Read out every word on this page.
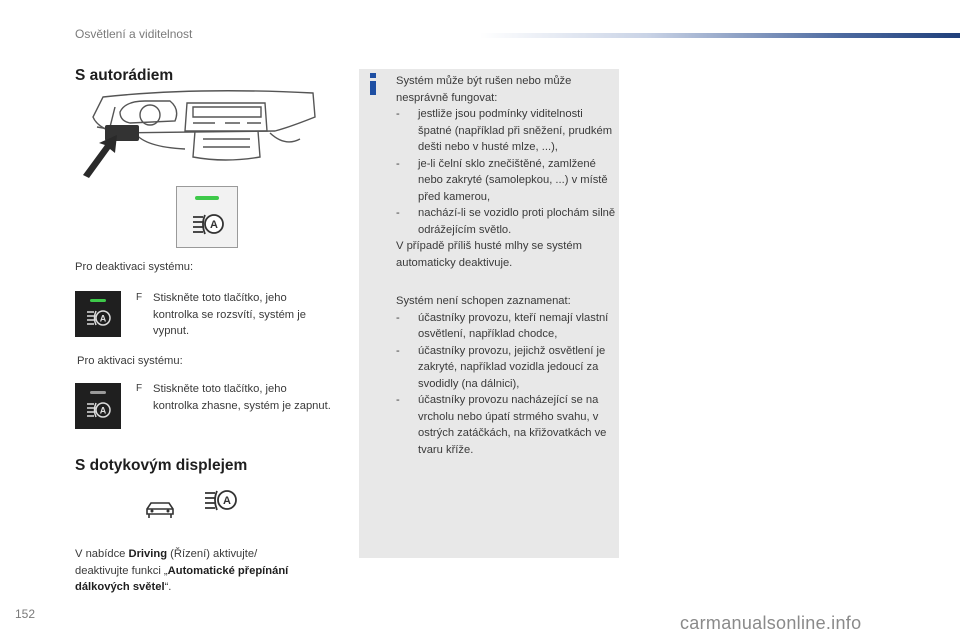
Osvětlení a viditelnost
S autorádiem
A
Pro deaktivaci systému:
A
F Stiskněte toto tlačítko, jeho kontrolka se rozsvítí, systém je vypnut.
Pro aktivaci systému:
A
F Stiskněte toto tlačítko, jeho kontrolka zhasne, systém je zapnut.
S dotykovým displejem
A
V nabídce Driving (Řízení) aktivujte/
deaktivujte funkci „Automatické přepínání
dálkových světel“.
Systém může být rušen nebo může nesprávně fungovat:
-	jestliže jsou podmínky viditelnosti špatné (například při sněžení, prudkém dešti nebo v husté mlze, ...),
-	je-li čelní sklo znečištěné, zamlžené nebo zakryté (samolepkou, ...) v místě před kamerou,
-	nachází-li se vozidlo proti plochám silně odrážejícím světlo.
V případě příliš husté mlhy se systém automaticky deaktivuje.
Systém není schopen zaznamenat:
-	účastníky provozu, kteří nemají vlastní osvětlení, například chodce,
-	účastníky provozu, jejichž osvětlení je zakryté, například vozidla jedoucí za svodidly (na dálnici),
-	účastníky provozu nacházející se na vrcholu nebo úpatí strmého svahu, v ostrých zatáčkách, na křižovatkách ve tvaru kříže.
152	carmanualsonline.info
